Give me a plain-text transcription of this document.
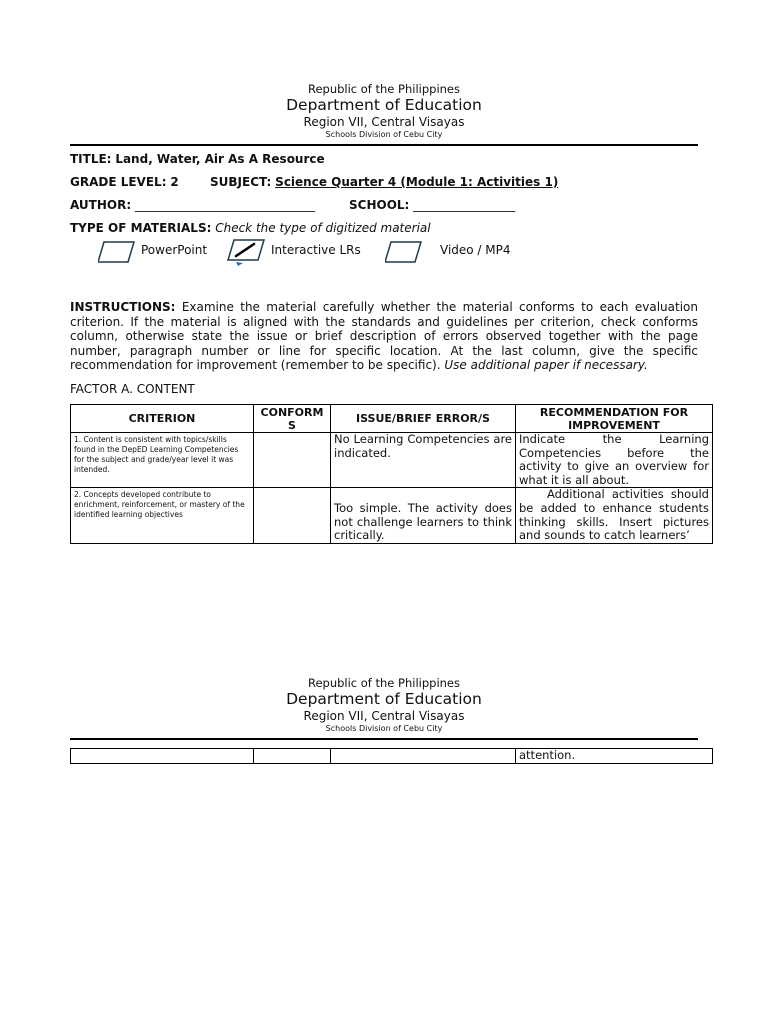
Republic of the Philippines
Department of Education
Region VII, Central Visayas
Schools Division of Cebu City
TITLE: Land, Water, Air As A Resource
GRADE LEVEL: 2	SUBJECT: Science Quarter 4 (Module 1: Activities 1)
AUTHOR: ______________________________	SCHOOL: _________________
TYPE OF MATERIALS: Check the type of digitized material
PowerPoint	Interactive LRs	Video / MP4
INSTRUCTIONS: Examine the material carefully whether the material conforms to each evaluation criterion. If the material is aligned with the standards and guidelines per criterion, check conforms column, otherwise state the issue or brief description of errors observed together with the page number, paragraph number or line for specific location. At the last column, give the specific recommendation for improvement (remember to be specific). Use additional paper if necessary.
FACTOR A. CONTENT
CRITERION	CONFORM S	ISSUE/BRIEF ERROR/S	RECOMMENDATION FOR IMPROVEMENT
1. Content is consistent with topics/skills found in the DepED Learning Competencies for the subject and grade/year level it was intended.		No Learning Competencies are indicated.	Indicate the Learning Competencies before the activity to give an overview for what it is all about.
2. Concepts developed contribute to enrichment, reinforcement, or mastery of the identified learning objectives		Too simple. The activity does not challenge learners to think critically.	Additional activities should be added to enhance students thinking skills. Insert pictures and sounds to catch learners’
Republic of the Philippines
Department of Education
Region VII, Central Visayas
Schools Division of Cebu City
			attention.
